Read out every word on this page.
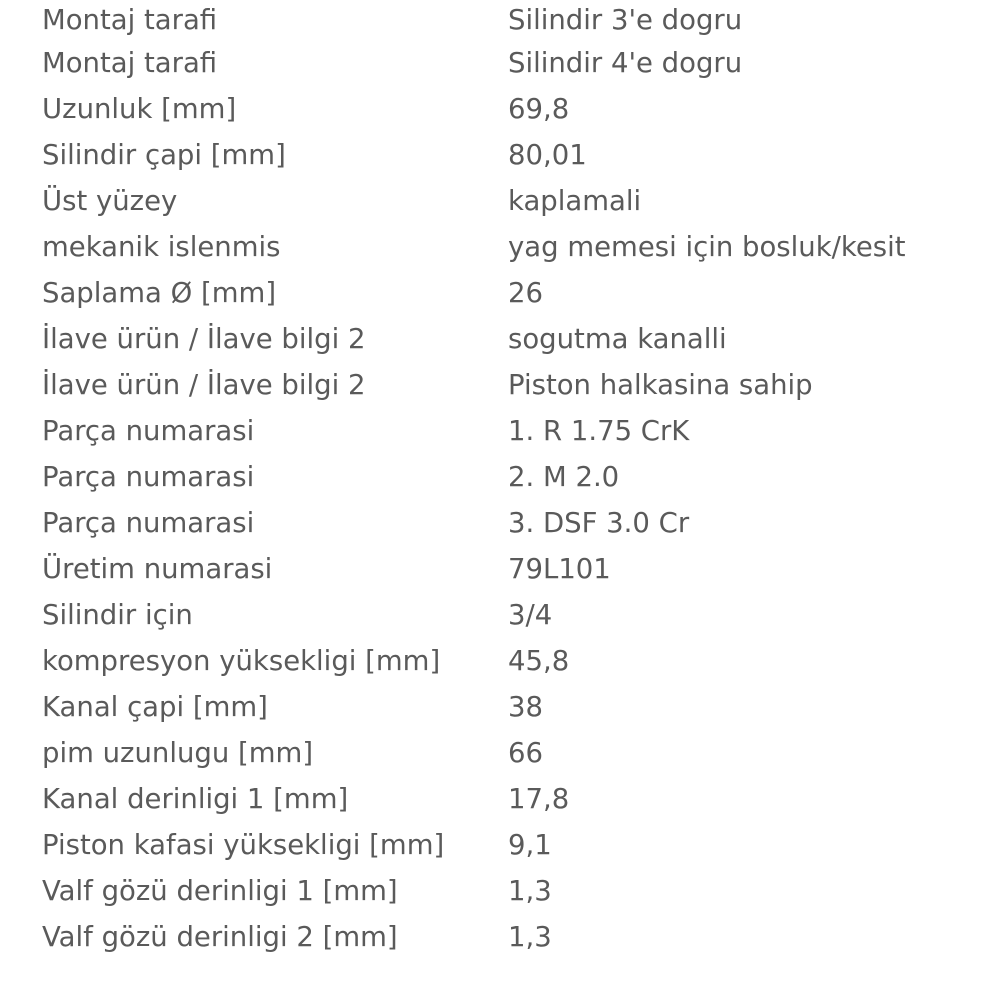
Montaj tarafi	Silindir 3'e dogru
Montaj tarafi	Silindir 4'e dogru
Uzunluk [mm]	69,8
Silindir çapi [mm]	80,01
Üst yüzey	kaplamali
mekanik islenmis	yag memesi için bosluk/kesit
Saplama Ø [mm]	26
İlave ürün / İlave bilgi 2	sogutma kanalli
İlave ürün / İlave bilgi 2	Piston halkasina sahip
Parça numarasi	1. R 1.75 CrK
Parça numarasi	2. M 2.0
Parça numarasi	3. DSF 3.0 Cr
Üretim numarasi	79L101
Silindir için	3/4
kompresyon yüksekligi [mm]	45,8
Kanal çapi [mm]	38
pim uzunlugu [mm]	66
Kanal derinligi 1 [mm]	17,8
Piston kafasi yüksekligi [mm]	9,1
Valf gözü derinligi 1 [mm]	1,3
Valf gözü derinligi 2 [mm]	1,3
